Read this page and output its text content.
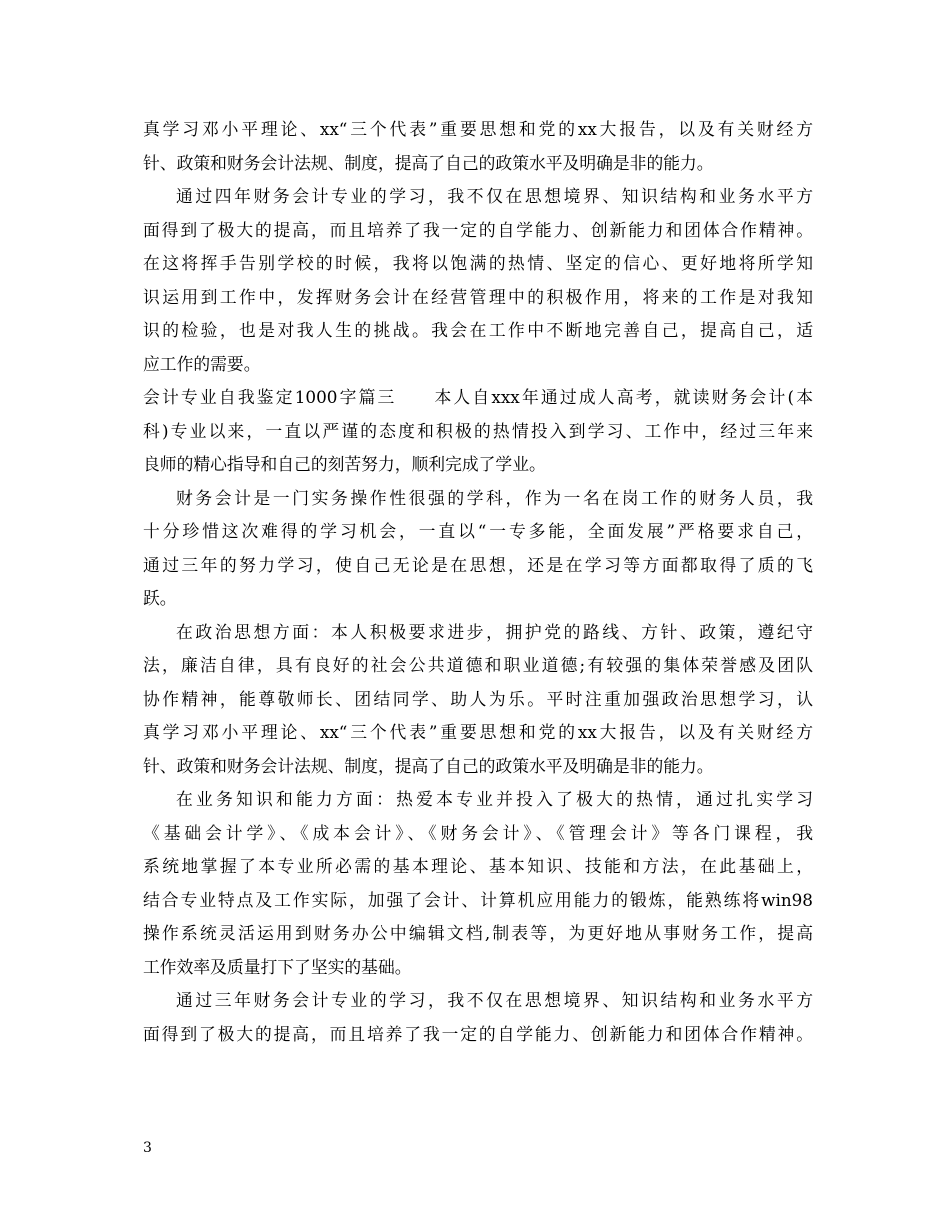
真学习邓小平理论、xx“三个代表”重要思想和党的xx大报告，以及有关财经方
针、政策和财务会计法规、制度，提高了自己的政策水平及明确是非的能力。
通过四年财务会计专业的学习，我不仅在思想境界、知识结构和业务水平方
面得到了极大的提高，而且培养了我一定的自学能力、创新能力和团体合作精神。
在这将挥手告别学校的时候，我将以饱满的热情、坚定的信心、更好地将所学知
识运用到工作中，发挥财务会计在经营管理中的积极作用，将来的工作是对我知
识的检验，也是对我人生的挑战。我会在工作中不断地完善自己，提高自己，适
应工作的需要。
会计专业自我鉴定1000字篇三　　本人自xxx年通过成人高考，就读财务会计(本
科)专业以来，一直以严谨的态度和积极的热情投入到学习、工作中，经过三年来
良师的精心指导和自己的刻苦努力，顺利完成了学业。
财务会计是一门实务操作性很强的学科，作为一名在岗工作的财务人员，我
十分珍惜这次难得的学习机会，一直以“一专多能，全面发展”严格要求自己，
通过三年的努力学习，使自己无论是在思想，还是在学习等方面都取得了质的飞
跃。
在政治思想方面：本人积极要求进步，拥护党的路线、方针、政策，遵纪守
法，廉洁自律，具有良好的社会公共道德和职业道德;有较强的集体荣誉感及团队
协作精神，能尊敬师长、团结同学、助人为乐。平时注重加强政治思想学习，认
真学习邓小平理论、xx“三个代表”重要思想和党的xx大报告，以及有关财经方
针、政策和财务会计法规、制度，提高了自己的政策水平及明确是非的能力。
在业务知识和能力方面：热爱本专业并投入了极大的热情，通过扎实学习
《基础会计学》、《成本会计》、《财务会计》、《管理会计》等各门课程，我
系统地掌握了本专业所必需的基本理论、基本知识、技能和方法，在此基础上，
结合专业特点及工作实际，加强了会计、计算机应用能力的锻炼，能熟练将win98
操作系统灵活运用到财务办公中编辑文档,制表等，为更好地从事财务工作，提高
工作效率及质量打下了坚实的基础。
通过三年财务会计专业的学习，我不仅在思想境界、知识结构和业务水平方
面得到了极大的提高，而且培养了我一定的自学能力、创新能力和团体合作精神。
3
